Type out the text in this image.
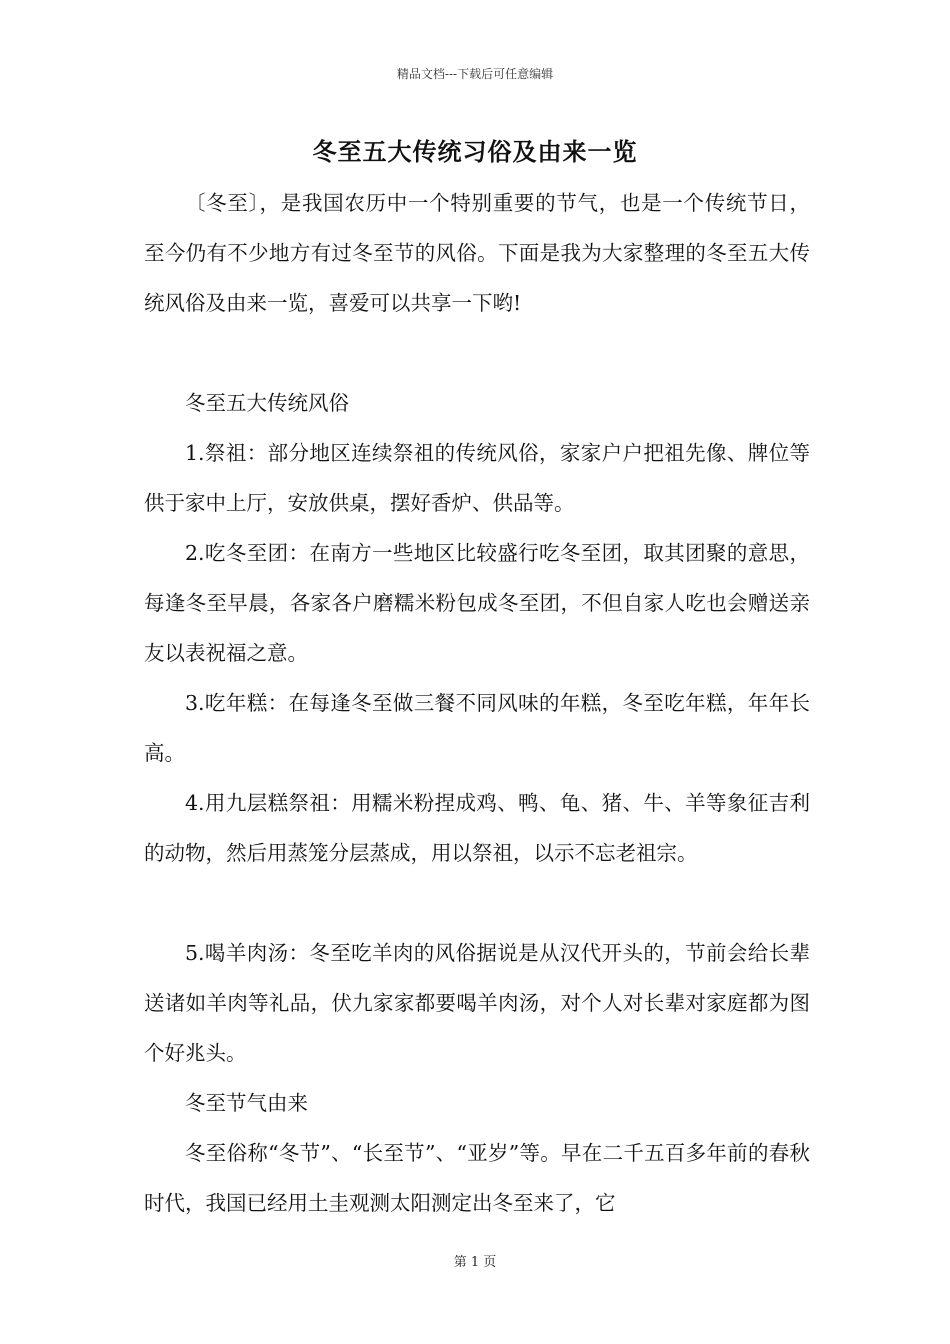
精品文档---下载后可任意编辑
冬至五大传统习俗及由来一览

〔冬至〕，是我国农历中一个特别重要的节气，也是一个传统节日，至今仍有不少地方有过冬至节的风俗。下面是我为大家整理的冬至五大传统风俗及由来一览，喜爱可以共享一下哟!

冬至五大传统风俗

1.祭祖：部分地区连续祭祖的传统风俗，家家户户把祖先像、牌位等供于家中上厅，安放供桌，摆好香炉、供品等。

2.吃冬至团：在南方一些地区比较盛行吃冬至团，取其团聚的意思，每逢冬至早晨，各家各户磨糯米粉包成冬至团，不但自家人吃也会赠送亲友以表祝福之意。

3.吃年糕：在每逢冬至做三餐不同风味的年糕，冬至吃年糕，年年长高。

4.用九层糕祭祖：用糯米粉捏成鸡、鸭、龟、猪、牛、羊等象征吉利的动物，然后用蒸笼分层蒸成，用以祭祖，以示不忘老祖宗。

5.喝羊肉汤：冬至吃羊肉的风俗据说是从汉代开头的，节前会给长辈送诸如羊肉等礼品，伏九家家都要喝羊肉汤，对个人对长辈对家庭都为图个好兆头。

冬至节气由来

冬至俗称“冬节”、“长至节”、“亚岁”等。早在二千五百多年前的春秋时代，我国已经用土圭观测太阳测定出冬至来了，它

第 1 页
